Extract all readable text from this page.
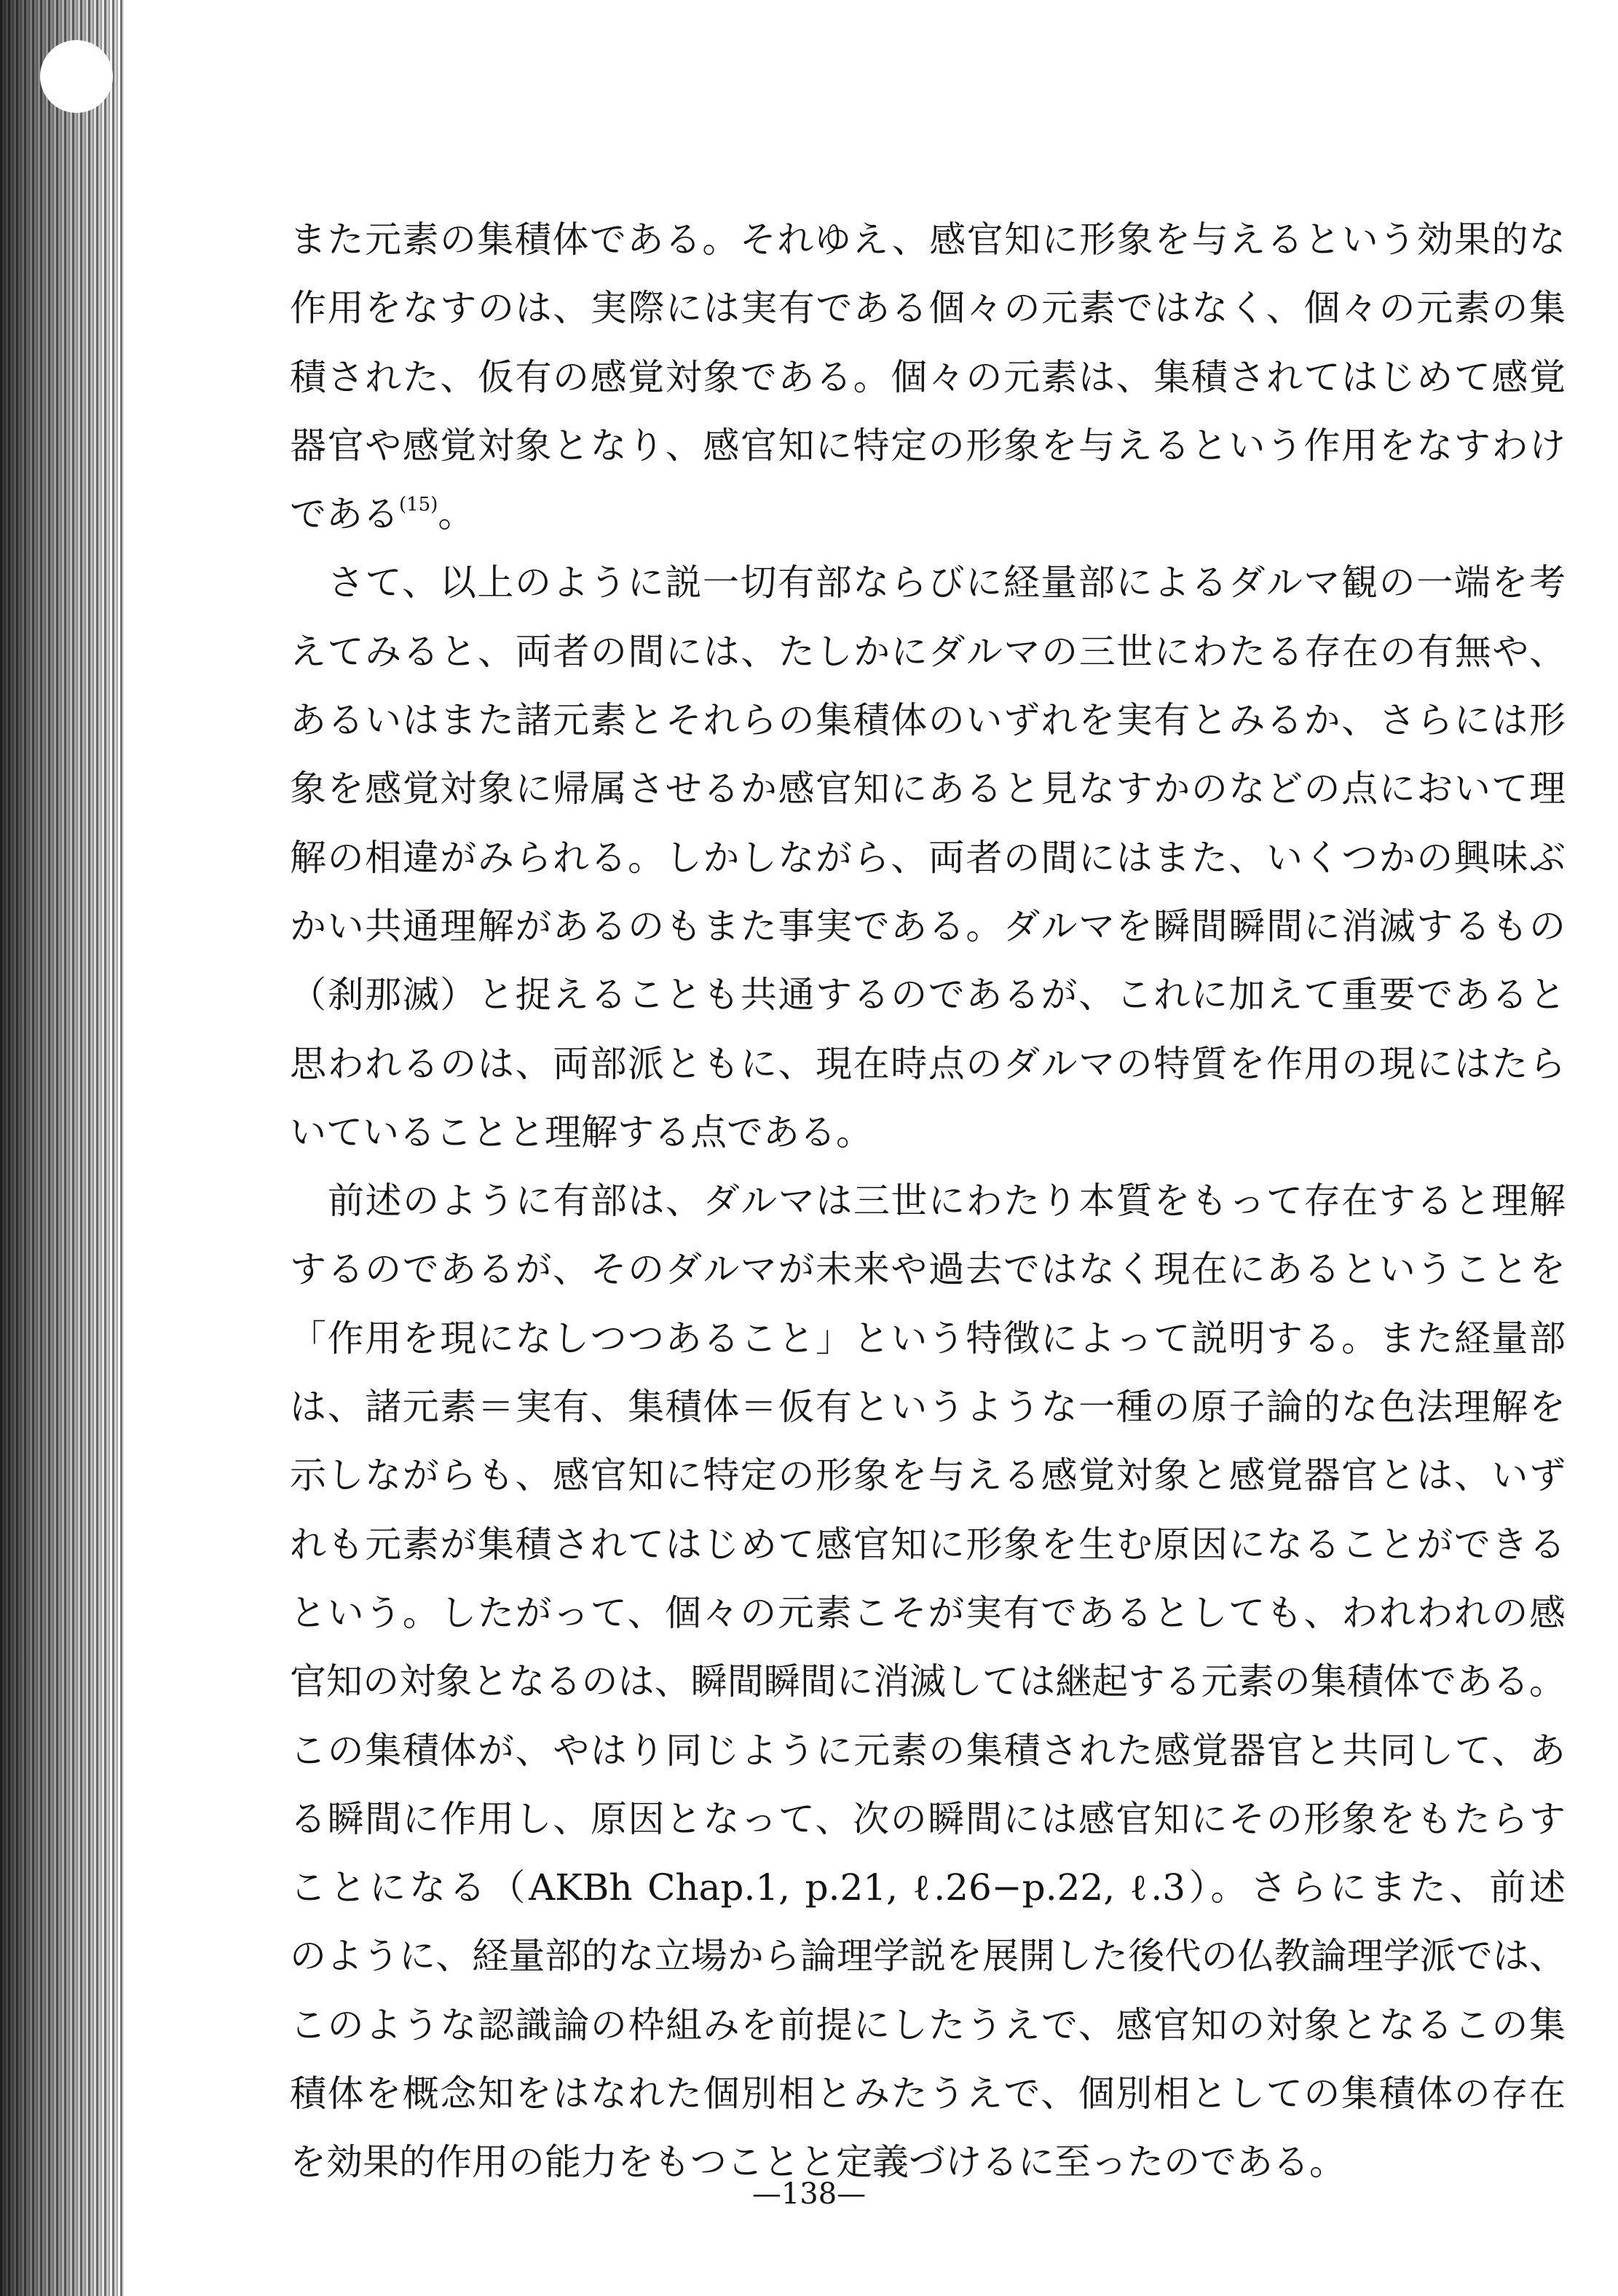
また元素の集積体である。それゆえ、感官知に形象を与えるという効果的な
作用をなすのは、実際には実有である個々の元素ではなく、個々の元素の集
積された、仮有の感覚対象である。個々の元素は、集積されてはじめて感覚
器官や感覚対象となり、感官知に特定の形象を与えるという作用をなすわけ
である$^{(15)}$。
さて、以上のように説一切有部ならびに経量部によるダルマ観の一端を考
えてみると、両者の間には、たしかにダルマの三世にわたる存在の有無や、
あるいはまた諸元素とそれらの集積体のいずれを実有とみるか、さらには形
象を感覚対象に帰属させるか感官知にあると見なすかのなどの点において理
解の相違がみられる。しかしながら、両者の間にはまた、いくつかの興味ぶ
かい共通理解があるのもまた事実である。ダルマを瞬間瞬間に消滅するもの
（刹那滅）と捉えることも共通するのであるが、これに加えて重要であると
思われるのは、両部派ともに、現在時点のダルマの特質を作用の現にはたら
いていることと理解する点である。
前述のように有部は、ダルマは三世にわたり本質をもって存在すると理解
するのであるが、そのダルマが未来や過去ではなく現在にあるということを
「作用を現になしつつあること」という特徴によって説明する。また経量部
は、諸元素＝実有、集積体＝仮有というような一種の原子論的な色法理解を
示しながらも、感官知に特定の形象を与える感覚対象と感覚器官とは、いず
れも元素が集積されてはじめて感官知に形象を生む原因になることができる
という。したがって、個々の元素こそが実有であるとしても、われわれの感
官知の対象となるのは、瞬間瞬間に消滅しては継起する元素の集積体である。
この集積体が、やはり同じように元素の集積された感覚器官と共同して、あ
る瞬間に作用し、原因となって、次の瞬間には感官知にその形象をもたらす
ことになる（AKBh Chap.1, p.21, ℓ.26−p.22, ℓ.3）。さらにまた、前述
のように、経量部的な立場から論理学説を展開した後代の仏教論理学派では、
このような認識論の枠組みを前提にしたうえで、感官知の対象となるこの集
積体を概念知をはなれた個別相とみたうえで、個別相としての集積体の存在
を効果的作用の能力をもつことと定義づけるに至ったのである。
—138—
